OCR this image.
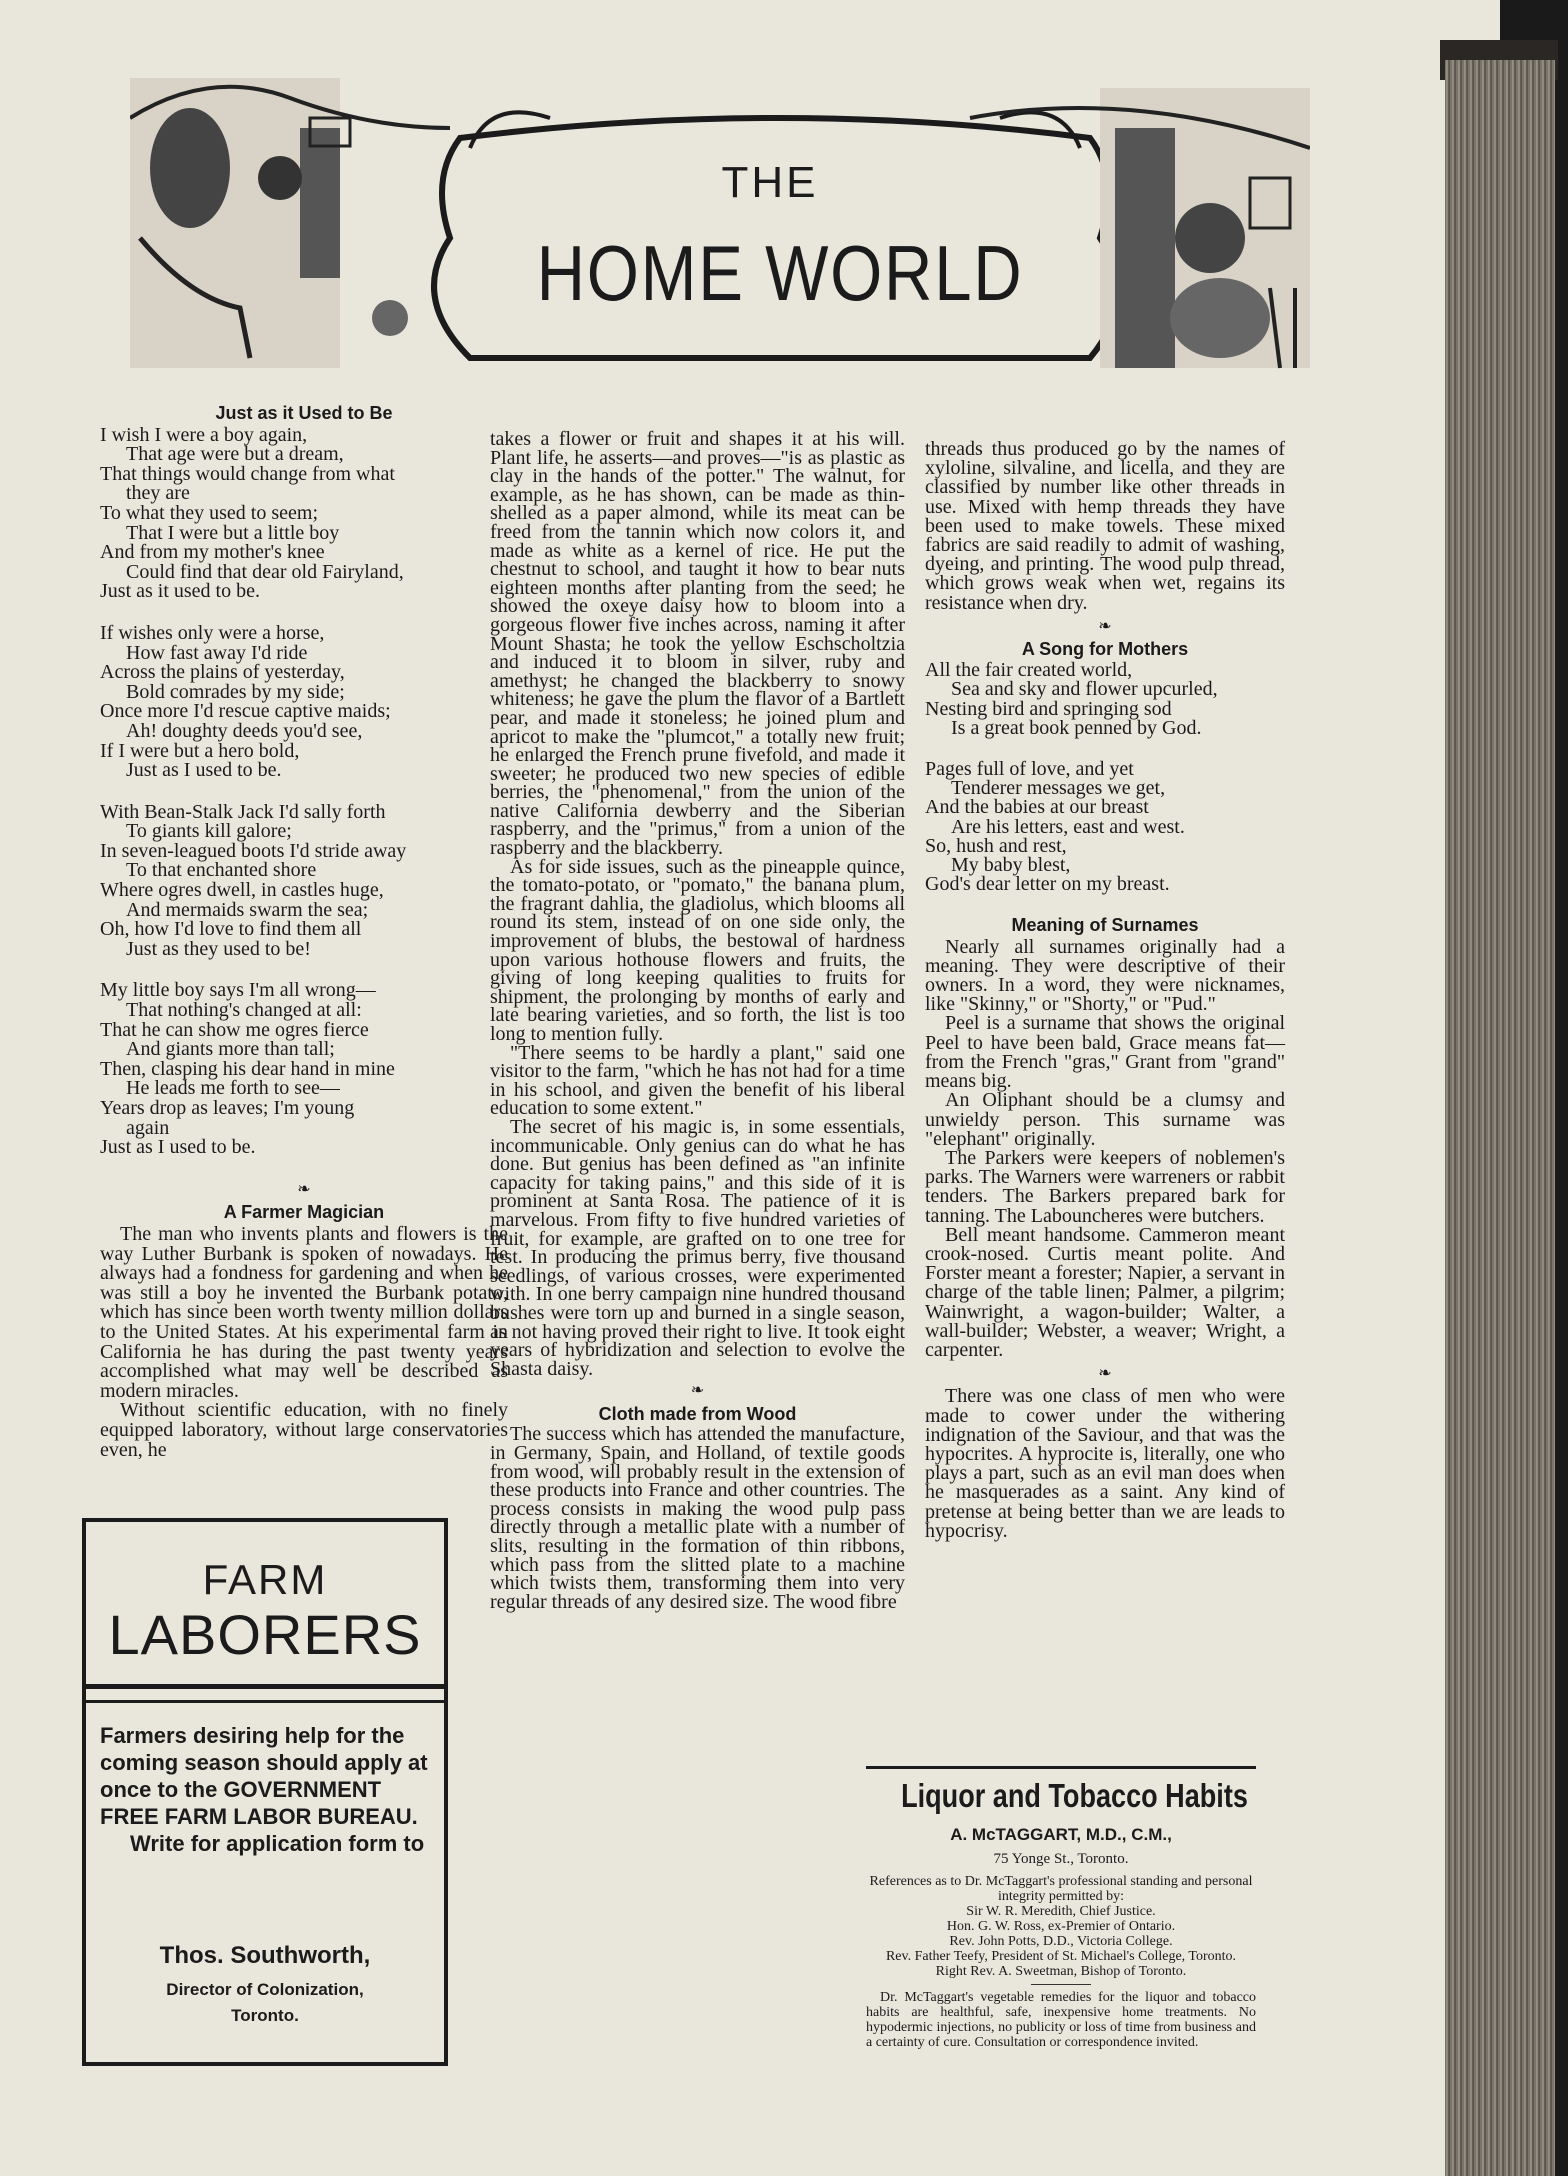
THE
HOME WORLD
Just as it Used to Be

I wish I were a boy again,

That age were but a dream,

That things would change from what

they are

To what they used to seem;

That I were but a little boy

And from my mother's knee

Could find that dear old Fairyland,

Just as it used to be.

If wishes only were a horse,

How fast away I'd ride

Across the plains of yesterday,

Bold comrades by my side;

Once more I'd rescue captive maids;

Ah! doughty deeds you'd see,

If I were but a hero bold,

Just as I used to be.

With Bean-Stalk Jack I'd sally forth

To giants kill galore;

In seven-leagued boots I'd stride away

To that enchanted shore

Where ogres dwell, in castles huge,

And mermaids swarm the sea;

Oh, how I'd love to find them all

Just as they used to be!

My little boy says I'm all wrong—

That nothing's changed at all:

That he can show me ogres fierce

And giants more than tall;

Then, clasping his dear hand in mine

He leads me forth to see—

Years drop as leaves; I'm young

again

Just as I used to be.

❧
A Farmer Magician

The man who invents plants and flowers is the way Luther Burbank is spoken of nowadays. He always had a fondness for gardening and when he was still a boy he invented the Burbank potato, which has since been worth twenty million dollars to the United States. At his experimental farm in California he has during the past twenty years accomplished what may well be described as modern miracles.

Without scientific education, with no finely equipped laboratory, without large conservatories even, he

FARM
LABORERS
Farmers desiring help for the coming season should apply at once to the GOVERNMENT FREE FARM LABOR BUREAU.
Write for application form to
Thos. Southworth,
Director of Colonization,
Toronto.

takes a flower or fruit and shapes it at his will. Plant life, he asserts—and proves—"is as plastic as clay in the hands of the potter." The walnut, for example, as he has shown, can be made as thin-shelled as a paper almond, while its meat can be freed from the tannin which now colors it, and made as white as a kernel of rice. He put the chestnut to school, and taught it how to bear nuts eighteen months after planting from the seed; he showed the oxeye daisy how to bloom into a gorgeous flower five inches across, naming it after Mount Shasta; he took the yellow Eschscholtzia and induced it to bloom in silver, ruby and amethyst; he changed the blackberry to snowy whiteness; he gave the plum the flavor of a Bartlett pear, and made it stoneless; he joined plum and apricot to make the "plumcot," a totally new fruit; he enlarged the French prune fivefold, and made it sweeter; he produced two new species of edible berries, the "phenomenal," from the union of the native California dewberry and the Siberian raspberry, and the "primus," from a union of the raspberry and the blackberry.

As for side issues, such as the pineapple quince, the tomato-potato, or "pomato," the banana plum, the fragrant dahlia, the gladiolus, which blooms all round its stem, instead of on one side only, the improvement of blubs, the bestowal of hardness upon various hothouse flowers and fruits, the giving of long keeping qualities to fruits for shipment, the prolonging by months of early and late bearing varieties, and so forth, the list is too long to mention fully.

"There seems to be hardly a plant," said one visitor to the farm, "which he has not had for a time in his school, and given the benefit of his liberal education to some extent."

The secret of his magic is, in some essentials, incommunicable. Only genius can do what he has done. But genius has been defined as "an infinite capacity for taking pains," and this side of it is prominent at Santa Rosa. The patience of it is marvelous. From fifty to five hundred varieties of fruit, for example, are grafted on to one tree for test. In producing the primus berry, five thousand seedlings, of various crosses, were experimented with. In one berry campaign nine hundred thousand bushes were torn up and burned in a single season, as not having proved their right to live. It took eight years of hybridization and selection to evolve the Shasta daisy.

❧
Cloth made from Wood

The success which has attended the manufacture, in Germany, Spain, and Holland, of textile goods from wood, will probably result in the extension of these products into France and other countries. The process consists in making the wood pulp pass directly through a metallic plate with a number of slits, resulting in the formation of thin ribbons, which pass from the slitted plate to a machine which twists them, transforming them into very regular threads of any desired size. The wood fibre

threads thus produced go by the names of xyloline, silvaline, and licella, and they are classified by number like other threads in use. Mixed with hemp threads they have been used to make towels. These mixed fabrics are said readily to admit of washing, dyeing, and printing. The wood pulp thread, which grows weak when wet, regains its resistance when dry.

❧
A Song for Mothers

All the fair created world,

Sea and sky and flower upcurled,

Nesting bird and springing sod

Is a great book penned by God.

Pages full of love, and yet

Tenderer messages we get,

And the babies at our breast

Are his letters, east and west.

So, hush and rest,

My baby blest,

God's dear letter on my breast.

Meaning of Surnames

Nearly all surnames originally had a meaning. They were descriptive of their owners. In a word, they were nicknames, like "Skinny," or "Shorty," or "Pud."

Peel is a surname that shows the original Peel to have been bald, Grace means fat—from the French "gras," Grant from "grand" means big.

An Oliphant should be a clumsy and unwieldy person. This surname was "elephant" originally.

The Parkers were keepers of noblemen's parks. The Warners were warreners or rabbit tenders. The Barkers prepared bark for tanning. The Labouncheres were butchers.

Bell meant handsome. Cammeron meant crook-nosed. Curtis meant polite. And Forster meant a forester; Napier, a servant in charge of the table linen; Palmer, a pilgrim; Wainwright, a wagon-builder; Walter, a wall-builder; Webster, a weaver; Wright, a carpenter.

❧

There was one class of men who were made to cower under the withering indignation of the Saviour, and that was the hypocrites. A hyprocite is, literally, one who plays a part, such as an evil man does when he masquerades as a saint. Any kind of pretense at being better than we are leads to hypocrisy.

Liquor and Tobacco Habits
A. McTAGGART, M.D., C.M.,
75 Yonge St., Toronto.

References as to Dr. McTaggart's professional standing and personal integrity permitted by:

Sir W. R. Meredith, Chief Justice.

Hon. G. W. Ross, ex-Premier of Ontario.

Rev. John Potts, D.D., Victoria College.

Rev. Father Teefy, President of St. Michael's College, Toronto.

Right Rev. A. Sweetman, Bishop of Toronto.

Dr. McTaggart's vegetable remedies for the liquor and tobacco habits are healthful, safe, inexpensive home treatments. No hypodermic injections, no publicity or loss of time from business and a certainty of cure. Consultation or correspondence invited.
